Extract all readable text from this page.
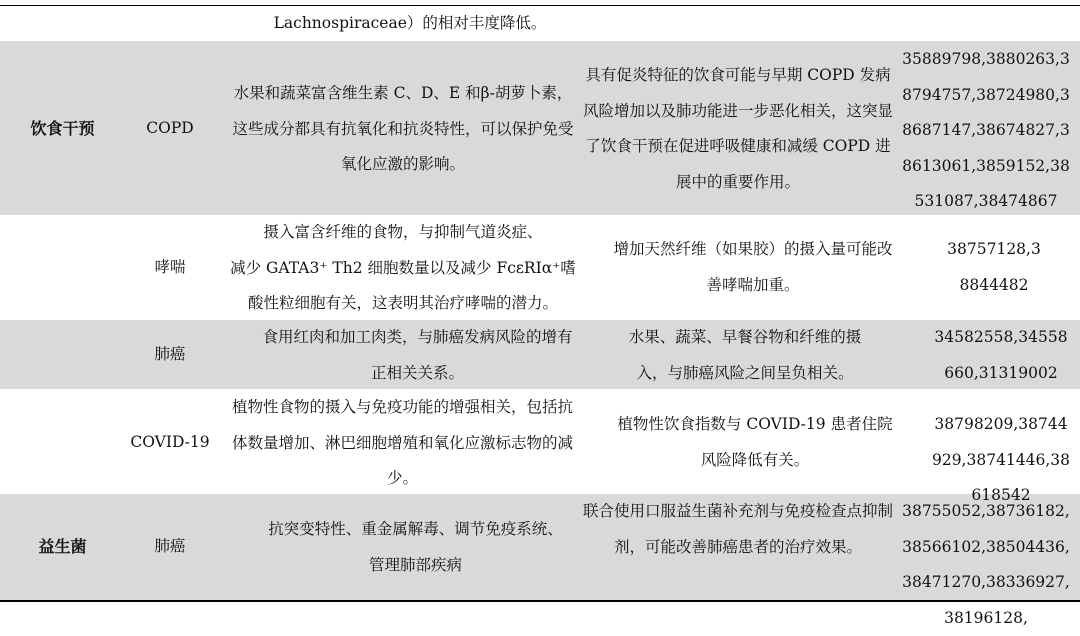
Lachnospiraceae）的相对丰度降低。
饮食干预	COPD
水果和蔬菜富含维生素 C、D、E 和β-胡萝卜素，这些成分都具有抗氧化和抗炎特性，可以保护免受氧化应激的影响。
具有促炎特征的饮食可能与早期 COPD 发病风险增加以及肺功能进一步恶化相关，这突显了饮食干预在促进呼吸健康和减缓 COPD 进展中的重要作用。
35889798,3880263,38794757,38724980,38687147,38674827,38613061,3859152,38531087,38474867
哮喘
摄入富含纤维的食物，与抑制气道炎症、
减少 GATA3⁺ Th2 细胞数量以及减少 FcεRIα⁺嗜
酸性粒细胞有关，这表明其治疗哮喘的潜力。
增加天然纤维（如果胶）的摄入量可能改善哮喘加重。
38757128,38844482
肺癌
食用红肉和加工肉类，与肺癌发病风险的增有正相关关系。
水果、蔬菜、早餐谷物和纤维的摄入，与肺癌风险之间呈负相关。
34582558,34558660,31319002
COVID-19
植物性食物的摄入与免疫功能的增强相关，包括抗体数量增加、淋巴细胞增殖和氧化应激标志物的减少。
植物性饮食指数与 COVID-19 患者住院风险降低有关。
38798209,38744929,38741446,38618542
益生菌	肺癌
抗突变特性、重金属解毒、调节免疫系统、管理肺部疾病
联合使用口服益生菌补充剂与免疫检查点抑制剂，可能改善肺癌患者的治疗效果。
38755052,38736182,38566102,38504436,38471270,38336927,38196128,
